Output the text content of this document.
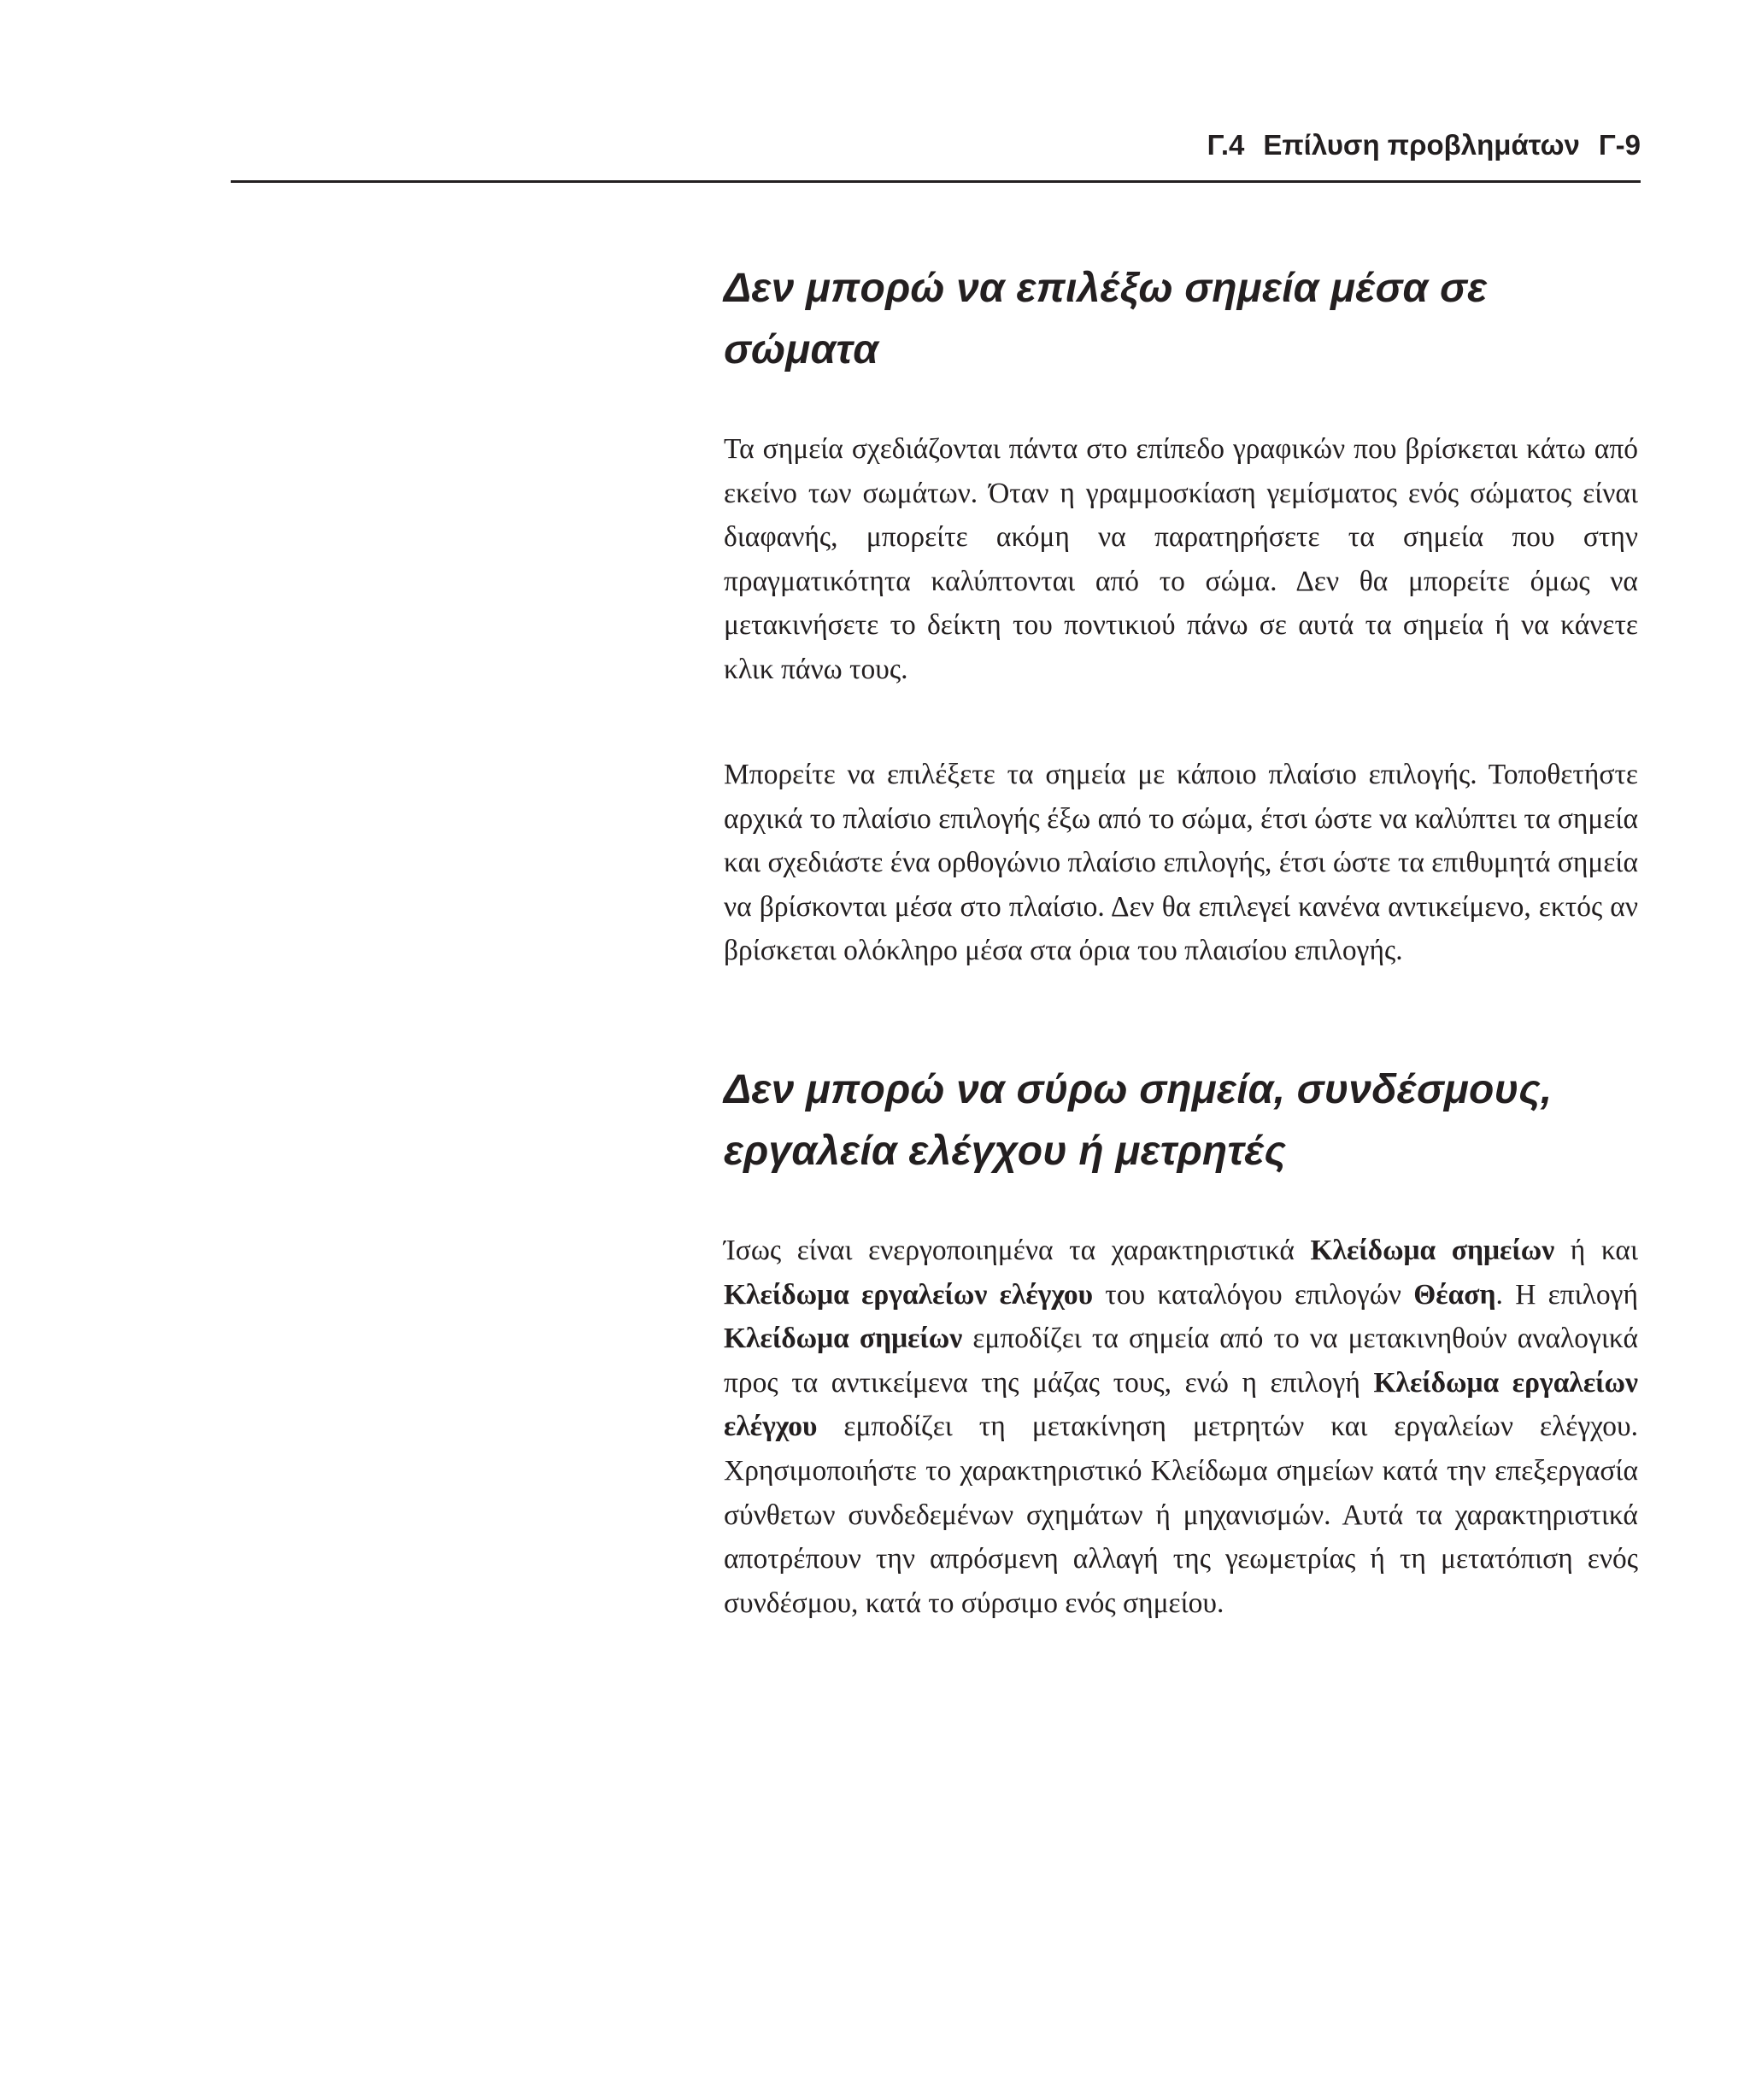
Γ.4 Επίλυση προβλημάτων Γ-9
Δεν μπορώ να επιλέξω σημεία μέσα σε σώματα

Τα σημεία σχεδιάζονται πάντα στο επίπεδο γραφικών που βρίσκεται κάτω από εκείνο των σωμάτων. Όταν η γραμμοσκίαση γεμίσματος ενός σώματος είναι διαφανής, μπορείτε ακόμη να παρατηρήσετε τα σημεία που στην πραγματικότητα καλύπτονται από το σώμα. Δεν θα μπορείτε όμως να μετακινήσετε το δείκτη του ποντικιού πάνω σε αυτά τα σημεία ή να κάνετε κλικ πάνω τους.

Μπορείτε να επιλέξετε τα σημεία με κάποιο πλαίσιο επιλογής. Τοποθετήστε αρχικά το πλαίσιο επιλογής έξω από το σώμα, έτσι ώστε να καλύπτει τα σημεία και σχεδιάστε ένα ορθογώνιο πλαίσιο επιλογής, έτσι ώστε τα επιθυμητά σημεία να βρίσκονται μέσα στο πλαίσιο. Δεν θα επιλεγεί κανένα αντικείμενο, εκτός αν βρίσκεται ολόκληρο μέσα στα όρια του πλαισίου επιλογής.

Δεν μπορώ να σύρω σημεία, συνδέσμους, εργαλεία ελέγχου ή μετρητές

Ίσως είναι ενεργοποιημένα τα χαρακτηριστικά Κλείδωμα σημείων ή και Κλείδωμα εργαλείων ελέγχου του καταλόγου επιλογών Θέαση. Η επιλογή Κλείδωμα σημείων εμποδίζει τα σημεία από το να μετακινηθούν αναλογικά προς τα αντικείμενα της μάζας τους, ενώ η επιλογή Κλείδωμα εργαλείων ελέγχου εμποδίζει τη μετακίνηση μετρητών και εργαλείων ελέγχου. Χρησιμοποιήστε το χαρακτηριστικό Κλείδωμα σημείων κατά την επεξεργασία σύνθετων συνδεδεμένων σχημάτων ή μηχανισμών. Αυτά τα χαρακτηριστικά αποτρέπουν την απρόσμενη αλλαγή της γεωμετρίας ή τη μετατόπιση ενός συνδέσμου, κατά το σύρσιμο ενός σημείου.
